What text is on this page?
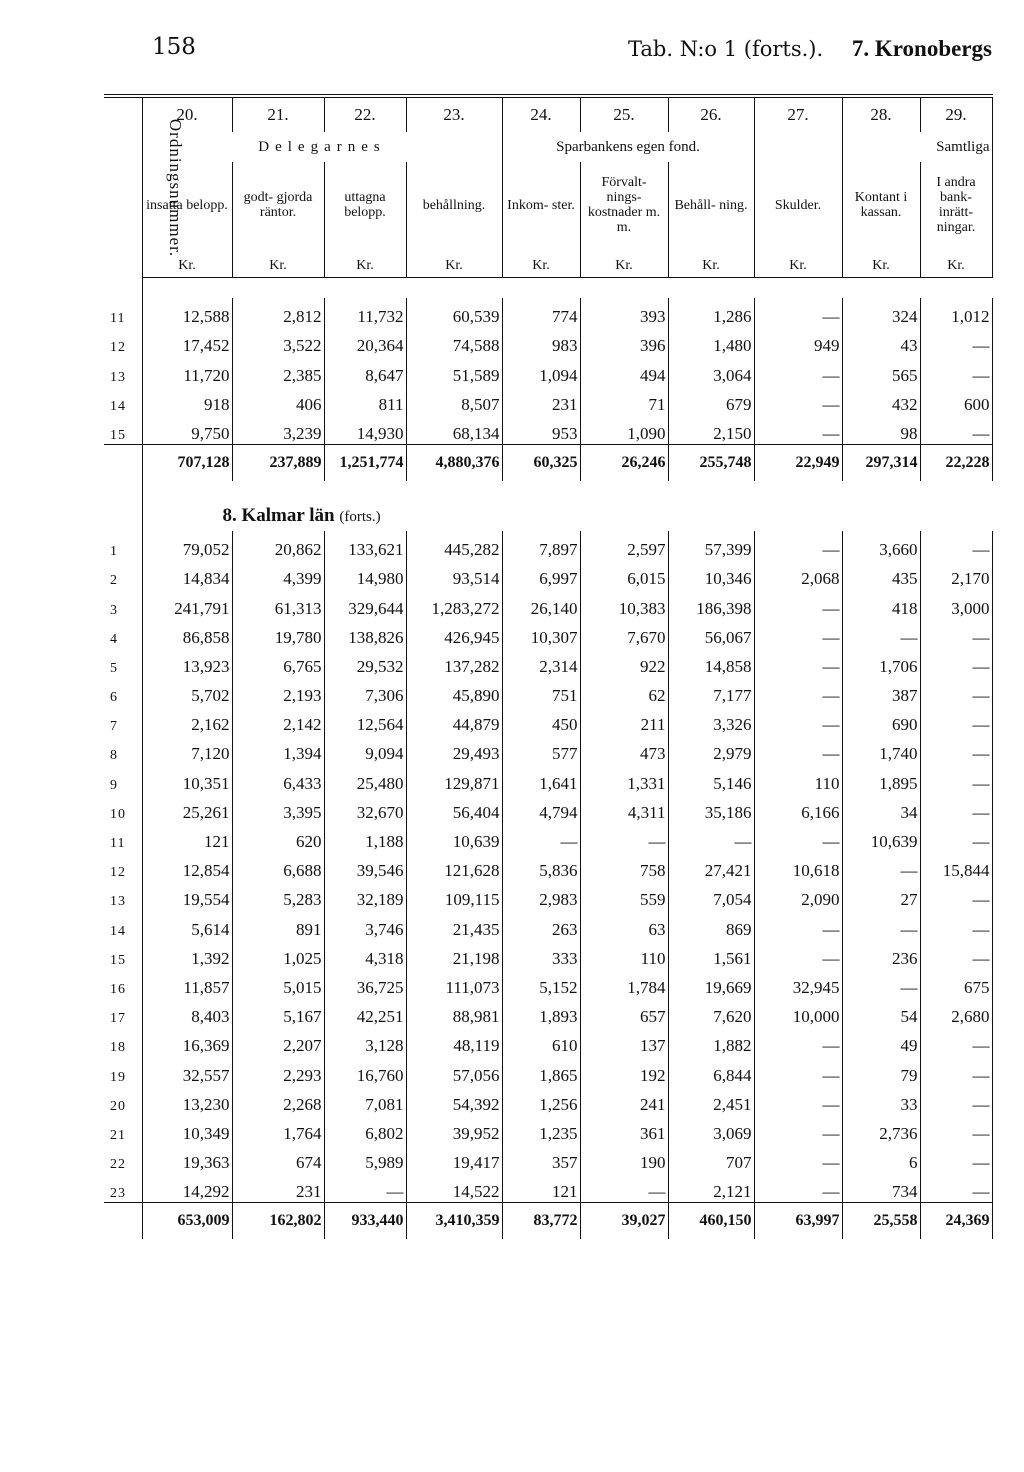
158	Tab. N:o 1 (forts.). 7. Kronobergs
Ordningsnummer.	20.	21.	22.	23.	24.	25.	26.	27.	28.	29.
	Delegarnes				Sparbankens egen fond.				Samtliga	
	insatta belopp.	godt- gjorda räntor.	uttagna belopp.	behållning.	Inkom- ster.	Förvalt- nings- kostnader m. m.	Behåll- ning.	Skulder.	Kontant i kassan.	I andra bank- inrätt- ningar.
	Kr.	Kr.	Kr.	Kr.	Kr.	Kr.	Kr.	Kr.	Kr.	Kr.

11	12,588	2,812	11,732	60,539	774	393	1,286	—	324	1,012
12	17,452	3,522	20,364	74,588	983	396	1,480	949	43	—
13	11,720	2,385	8,647	51,589	1,094	494	3,064	—	565	—
14	918	406	811	8,507	231	71	679	—	432	600
15	9,750	3,239	14,930	68,134	953	1,090	2,150	—	98	—
	707,128	237,889	1,251,774	4,880,376	60,325	26,246	255,748	22,949	297,314	22,228
	8. Kalmar län (forts.)									
1	79,052	20,862	133,621	445,282	7,897	2,597	57,399	—	3,660	—
2	14,834	4,399	14,980	93,514	6,997	6,015	10,346	2,068	435	2,170
3	241,791	61,313	329,644	1,283,272	26,140	10,383	186,398	—	418	3,000
4	86,858	19,780	138,826	426,945	10,307	7,670	56,067	—	—	—
5	13,923	6,765	29,532	137,282	2,314	922	14,858	—	1,706	—
6	5,702	2,193	7,306	45,890	751	62	7,177	—	387	—
7	2,162	2,142	12,564	44,879	450	211	3,326	—	690	—
8	7,120	1,394	9,094	29,493	577	473	2,979	—	1,740	—
9	10,351	6,433	25,480	129,871	1,641	1,331	5,146	110	1,895	—
10	25,261	3,395	32,670	56,404	4,794	4,311	35,186	6,166	34	—
11	121	620	1,188	10,639	—	—	—	—	10,639	—
12	12,854	6,688	39,546	121,628	5,836	758	27,421	10,618	—	15,844
13	19,554	5,283	32,189	109,115	2,983	559	7,054	2,090	27	—
14	5,614	891	3,746	21,435	263	63	869	—	—	—
15	1,392	1,025	4,318	21,198	333	110	1,561	—	236	—
16	11,857	5,015	36,725	111,073	5,152	1,784	19,669	32,945	—	675
17	8,403	5,167	42,251	88,981	1,893	657	7,620	10,000	54	2,680
18	16,369	2,207	3,128	48,119	610	137	1,882	—	49	—
19	32,557	2,293	16,760	57,056	1,865	192	6,844	—	79	—
20	13,230	2,268	7,081	54,392	1,256	241	2,451	—	33	—
21	10,349	1,764	6,802	39,952	1,235	361	3,069	—	2,736	—
22	19,363	674	5,989	19,417	357	190	707	—	6	—
23	14,292	231	—	14,522	121	—	2,121	—	734	—
	653,009	162,802	933,440	3,410,359	83,772	39,027	460,150	63,997	25,558	24,369
